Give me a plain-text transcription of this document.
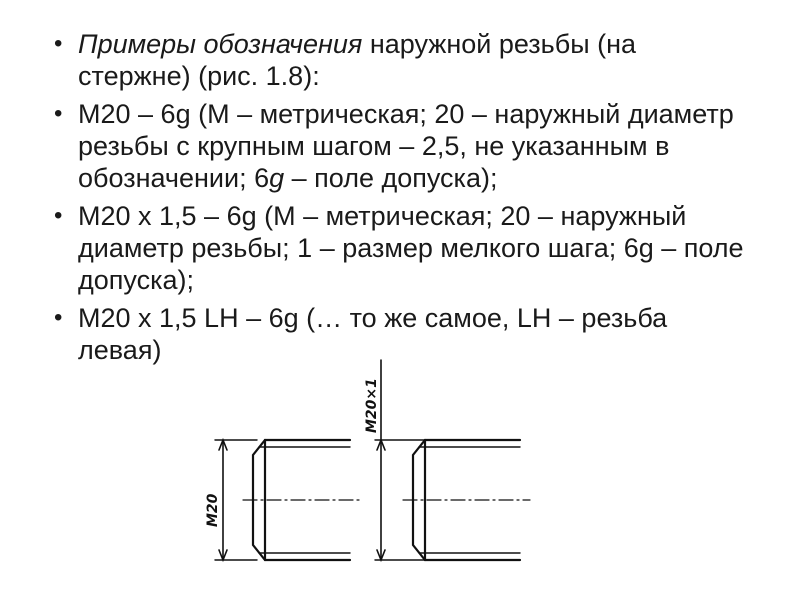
• Примеры обозначения наружной резьбы (на стержне) (рис. 1.8):
• М20 – 6g (М – метрическая; 20 – наружный диаметр резьбы с крупным шагом – 2,5, не указанным в обозначении; 6g – поле допуска);
• М20 х 1,5 – 6g (М – метрическая; 20 – наружный диаметр резьбы; 1 – размер мелкого шага; 6g – поле допуска);
• М20 х 1,5 LH – 6g (… то же самое, LH – резьба левая)
M20
M20×1
